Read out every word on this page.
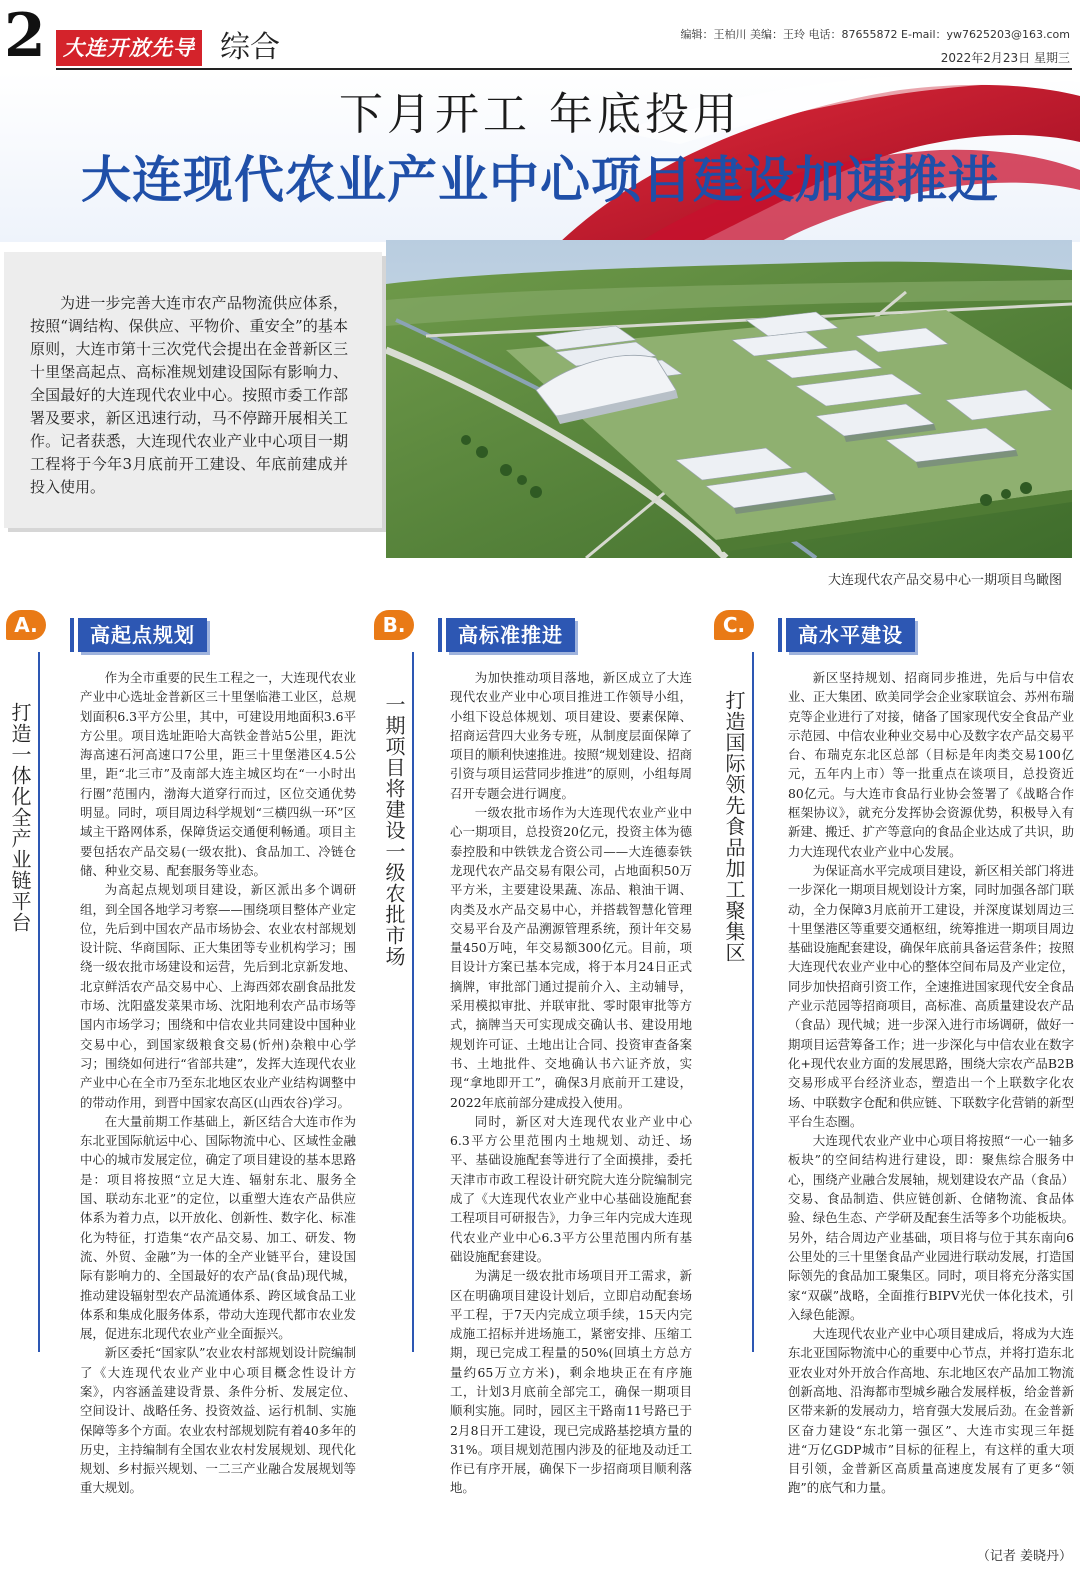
2 大连开放先导 综合	编辑：王柏川 美编：王玲 电话：87655872 E-mail：yw7625203@163.com
2022年2月23日 星期三
下月开工 年底投用
大连现代农业产业中心项目建设加速推进

为进一步完善大连市农产品物流供应体系，按照“调结构、保供应、平物价、重安全”的基本原则，大连市第十三次党代会提出在金普新区三十里堡高起点、高标准规划建设国际有影响力、全国最好的大连现代农业中心。按照市委工作部署及要求，新区迅速行动，马不停蹄开展相关工作。记者获悉，大连现代农业产业中心项目一期工程将于今年3月底前开工建设、年底前建成并投入使用。

大连现代农产品交易中心一期项目鸟瞰图
A.	高起点规划
打造一体化全产业链平台

作为全市重要的民生工程之一，大连现代农业产业中心选址金普新区三十里堡临港工业区，总规划面积6.3平方公里，其中，可建设用地面积3.6平方公里。项目选址距哈大高铁金普站5公里，距沈海高速石河高速口7公里，距三十里堡港区4.5公里，距“北三市”及南部大连主城区均在“一小时出行圈”范围内，渤海大道穿行而过，区位交通优势明显。同时，项目周边科学规划“三横四纵一环”区域主干路网体系，保障货运交通便利畅通。项目主要包括农产品交易(一级农批)、食品加工、冷链仓储、种业交易、配套服务等业态。

为高起点规划项目建设，新区派出多个调研组，到全国各地学习考察——围绕项目整体产业定位，先后到中国农产品市场协会、农业农村部规划设计院、华商国际、正大集团等专业机构学习；围绕一级农批市场建设和运营，先后到北京新发地、北京鲜活农产品交易中心、上海西郊农副食品批发市场、沈阳盛发菜果市场、沈阳地利农产品市场等国内市场学习；围绕和中信农业共同建设中国种业交易中心，到国家级粮食交易(忻州)杂粮中心学习；围绕如何进行“省部共建”，发挥大连现代农业产业中心在全市乃至东北地区农业产业结构调整中的带动作用，到晋中国家农高区(山西农谷)学习。

在大量前期工作基础上，新区结合大连市作为东北亚国际航运中心、国际物流中心、区域性金融中心的城市发展定位，确定了项目建设的基本思路是：项目将按照“立足大连、辐射东北、服务全国、联动东北亚”的定位，以重塑大连农产品供应体系为着力点，以开放化、创新性、数字化、标准化为特征，打造集“农产品交易、加工、研发、物流、外贸、金融”为一体的全产业链平台，建设国际有影响力的、全国最好的农产品(食品)现代城，推动建设辐射型农产品流通体系、跨区域食品工业体系和集成化服务体系，带动大连现代都市农业发展，促进东北现代农业产业全面振兴。

新区委托“国家队”农业农村部规划设计院编制了《大连现代农业产业中心项目概念性设计方案》，内容涵盖建设背景、条件分析、发展定位、空间设计、战略任务、投资效益、运行机制、实施保障等多个方面。农业农村部规划院有着40多年的历史，主持编制有全国农业农村发展规划、现代化规划、乡村振兴规划、一二三产业融合发展规划等重大规划。

B.	高标准推进
一期项目将建设一级农批市场

为加快推动项目落地，新区成立了大连现代农业产业中心项目推进工作领导小组，小组下设总体规划、项目建设、要素保障、招商运营四大业务专班，从制度层面保障了项目的顺利快速推进。按照“规划建设、招商引资与项目运营同步推进”的原则，小组每周召开专题会进行调度。

一级农批市场作为大连现代农业产业中心一期项目，总投资20亿元，投资主体为德泰控股和中铁铁龙合资公司——大连德泰铁龙现代农产品交易有限公司，占地面积50万平方米，主要建设果蔬、冻品、粮油干调、肉类及水产品交易中心，并搭载智慧化管理交易平台及产品溯源管理系统，预计年交易量450万吨，年交易额300亿元。目前，项目设计方案已基本完成，将于本月24日正式摘牌，审批部门通过提前介入、主动辅导，采用模拟审批、并联审批、零时限审批等方式，摘牌当天可实现成交确认书、建设用地规划许可证、土地出让合同、投资审查备案书、土地批件、交地确认书六证齐放，实现“拿地即开工”，确保3月底前开工建设，2022年底前部分建成投入使用。

同时，新区对大连现代农业产业中心6.3平方公里范围内土地规划、动迁、场平、基础设施配套等进行了全面摸排，委托天津市市政工程设计研究院大连分院编制完成了《大连现代农业产业中心基础设施配套工程项目可研报告》，力争三年内完成大连现代农业产业中心6.3平方公里范围内所有基础设施配套建设。

为满足一级农批市场项目开工需求，新区在明确项目建设计划后，立即启动配套场平工程，于7天内完成立项手续，15天内完成施工招标并进场施工，紧密安排、压缩工期，现已完成工程量的50%(回填土方总方量约65万立方米)，剩余地块正在有序施工，计划3月底前全部完工，确保一期项目顺利实施。同时，园区主干路南11号路已于2月8日开工建设，现已完成路基挖填方量的31%。项目规划范围内涉及的征地及动迁工作已有序开展，确保下一步招商项目顺利落地。

C.	高水平建设
打造国际领先食品加工聚集区

新区坚持规划、招商同步推进，先后与中信农业、正大集团、欧美同学会企业家联谊会、苏州布瑞克等企业进行了对接，储备了国家现代安全食品产业示范园、中信农业种业交易中心及数字农产品交易平台、布瑞克东北区总部（目标是年肉类交易100亿元，五年内上市）等一批重点在谈项目，总投资近80亿元。与大连市食品行业协会签署了《战略合作框架协议》，就充分发挥协会资源优势，积极导入有新建、搬迁、扩产等意向的食品企业达成了共识，助力大连现代农业产业中心发展。

为保证高水平完成项目建设，新区相关部门将进一步深化一期项目规划设计方案，同时加强各部门联动，全力保障3月底前开工建设，并深度谋划周边三十里堡港区等重要交通枢纽，统筹推进一期项目周边基础设施配套建设，确保年底前具备运营条件；按照大连现代农业产业中心的整体空间布局及产业定位，同步加快招商引资工作，全速推进国家现代安全食品产业示范园等招商项目，高标准、高质量建设农产品（食品）现代城；进一步深入进行市场调研，做好一期项目运营筹备工作；进一步深化与中信农业在数字化+现代农业方面的发展思路，围绕大宗农产品B2B交易形成平台经济业态，塑造出一个上联数字化农场、中联数字仓配和供应链、下联数字化营销的新型平台生态圈。

大连现代农业产业中心项目将按照“一心一轴多板块”的空间结构进行建设，即：聚焦综合服务中心，围绕产业融合发展轴，规划建设农产品（食品）交易、食品制造、供应链创新、仓储物流、食品体验、绿色生态、产学研及配套生活等多个功能板块。另外，结合周边产业基础，项目将与位于其东南向6公里处的三十里堡食品产业园进行联动发展，打造国际领先的食品加工聚集区。同时，项目将充分落实国家“双碳”战略，全面推行BIPV光伏一体化技术，引入绿色能源。

大连现代农业产业中心项目建成后，将成为大连东北亚国际物流中心的重要中心节点，并将打造东北亚农业对外开放合作高地、东北地区农产品加工物流创新高地、沿海都市型城乡融合发展样板，给金普新区带来新的发展动力，培育强大发展后劲。在金普新区奋力建设“东北第一强区”、大连市实现三年挺进“万亿GDP城市”目标的征程上，有这样的重大项目引领，金普新区高质量高速度发展有了更多“领跑”的底气和力量。

（记者 姜晓丹）
